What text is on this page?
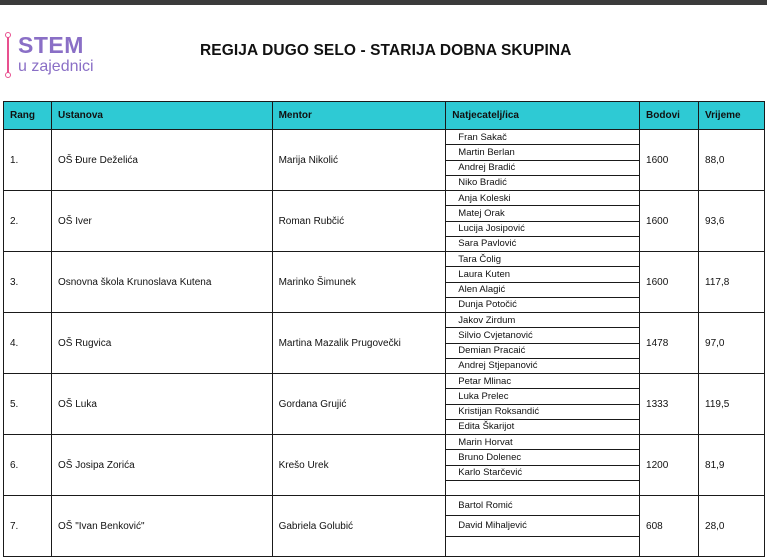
STEM
u zajednici
REGIJA DUGO SELO - STARIJA DOBNA SKUPINA
Rang	Ustanova	Mentor	Natjecatelj/ica	Bodovi	Vrijeme
1.	OŠ Đure Deželića	Marija Nikolić	Fran Sakač
Martin Berlan
Andrej Bradić
Niko Bradić	1600	88,0
2.	OŠ Iver	Roman Rubčić	Anja Koleski
Matej Orak
Lucija Josipović
Sara Pavlović	1600	93,6
3.	Osnovna škola Krunoslava Kutena	Marinko Šimunek	Tara Čolig
Laura Kuten
Alen Alagić
Dunja Potočić	1600	117,8
4.	OŠ Rugvica	Martina Mazalik Prugovečki	Jakov Zirdum
Silvio Cvjetanović
Demian Pracaić
Andrej Stjepanović	1478	97,0
5.	OŠ Luka	Gordana Grujić	Petar Mlinac
Luka Prelec
Kristijan Roksandić
Edita Škarijot	1333	119,5
6.	OŠ Josipa Zorića	Krešo Urek	Marin Horvat
Bruno Dolenec
Karlo Starčević	1200	81,9
7.	OŠ "Ivan Benković"	Gabriela Golubić	Bartol Romić
David Mihaljević	608	28,0
